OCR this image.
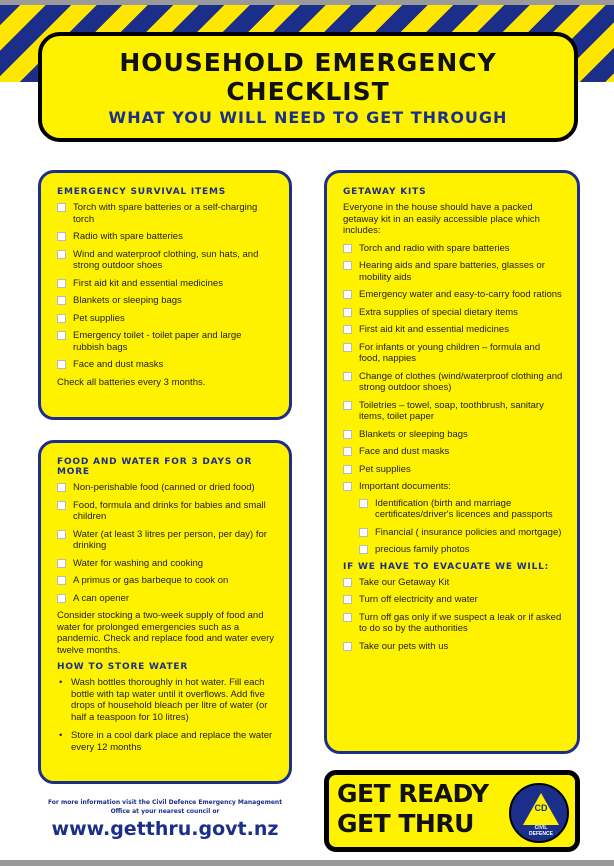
HOUSEHOLD EMERGENCY
CHECKLIST
WHAT YOU WILL NEED TO GET THROUGH
EMERGENCY SURVIVAL ITEMS
Torch with spare batteries or a self-charging torch
Radio with spare batteries
Wind and waterproof clothing, sun hats, and strong outdoor shoes
First aid kit and essential medicines
Blankets or sleeping bags
Pet supplies
Emergency toilet - toilet paper and large rubbish bags
Face and dust masks
Check all batteries every 3 months.
FOOD AND WATER FOR 3 DAYS OR MORE
Non-perishable food (canned or dried food)
Food, formula and drinks for babies and small children
Water (at least 3 litres per person, per day) for drinking
Water for washing and cooking
A primus or gas barbeque to cook on
A can opener
Consider stocking a two-week supply of food and water for prolonged emergencies such as a pandemic. Check and replace food and water every twelve months.
HOW TO STORE WATER
• Wash bottles thoroughly in hot water. Fill each bottle with tap water until it overflows. Add five drops of household bleach per litre of water (or half a teaspoon for 10 litres)
• Store in a cool dark place and replace the water every 12 months
GETAWAY KITS
Everyone in the house should have a packed getaway kit in an easily accessible place which includes:
Torch and radio with spare batteries
Hearing aids and spare batteries, glasses or mobility aids
Emergency water and easy-to-carry food rations
Extra supplies of special dietary items
First aid kit and essential medicines
For infants or young children – formula and food, nappies
Change of clothes (wind/waterproof clothing and strong outdoor shoes)
Toiletries – towel, soap, toothbrush, sanitary items, toilet paper
Blankets or sleeping bags
Face and dust masks
Pet supplies
Important documents:
Identification (birth and marriage certificates/driver's licences and passports
Financial ( insurance policies and mortgage)
precious family photos
IF WE HAVE TO EVACUATE WE WILL:
Take our Getaway Kit
Turn off electricity and water
Turn off gas only if we suspect a leak or if asked to do so by the authorities
Take our pets with us
For more information visit the Civil Defence Emergency Management
Office at your nearest council or
www.getthru.govt.nz
GET READY
GET THRU
CD
CIVIL
DEFENCE
